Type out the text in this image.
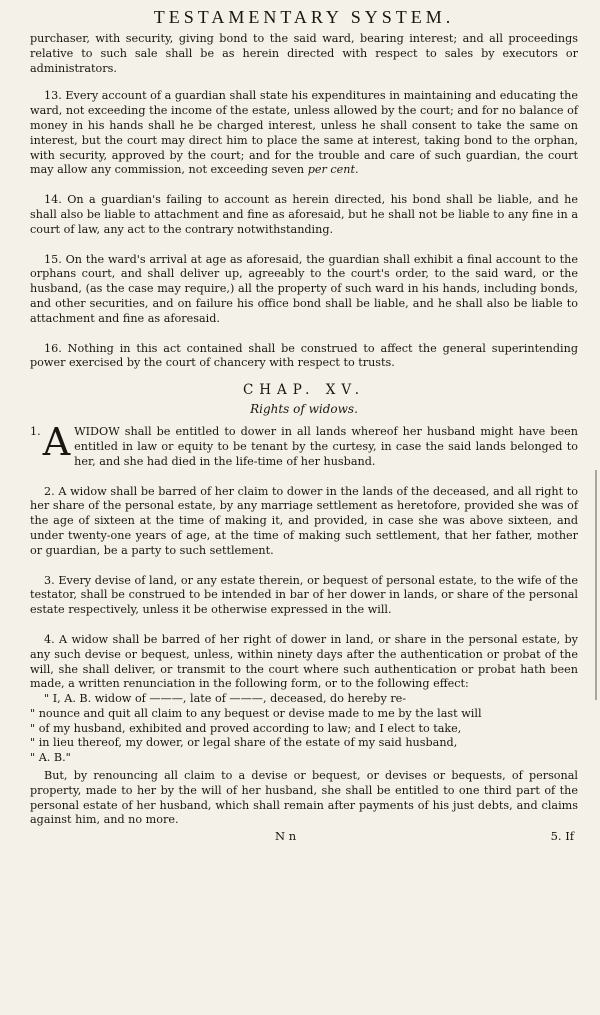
TESTAMENTARY SYSTEM.

purchaser, with security, giving bond to the said ward, bearing interest; and all proceedings relative to such sale shall be as herein directed with respect to sales by executors or administrators.

13. Every account of a guardian shall state his expenditures in maintaining and educating the ward, not exceeding the income of the estate, unless allowed by the court; and for no balance of money in his hands shall he be charged interest, unless he shall consent to take the same on interest, but the court may direct him to place the same at interest, taking bond to the orphan, with security, approved by the court; and for the trouble and care of such guardian, the court may allow any commission, not exceeding seven per cent.

14. On a guardian's failing to account as herein directed, his bond shall be liable, and he shall also be liable to attachment and fine as aforesaid, but he shall not be liable to any fine in a court of law, any act to the contrary notwithstanding.

15. On the ward's arrival at age as aforesaid, the guardian shall exhibit a final account to the orphans court, and shall deliver up, agreeably to the court's order, to the said ward, or the husband, (as the case may require,) all the property of such ward in his hands, including bonds, and other securities, and on failure his office bond shall be liable, and he shall also be liable to attachment and fine as aforesaid.

16. Nothing in this act contained shall be construed to affect the general superintending power exercised by the court of chancery with respect to trusts.

CHAP. XV.
Rights of widows.

1. A WIDOW shall be entitled to dower in all lands whereof her husband might have been entitled in law or equity to be tenant by the curtesy, in case the said lands belonged to her, and she had died in the life-time of her husband.

2. A widow shall be barred of her claim to dower in the lands of the deceased, and all right to her share of the personal estate, by any marriage settlement as heretofore, provided she was of the age of sixteen at the time of making it, and provided, in case she was above sixteen, and under twenty-one years of age, at the time of making such settlement, that her father, mother or guardian, be a party to such settlement.

3. Every devise of land, or any estate therein, or bequest of personal estate, to the wife of the testator, shall be construed to be intended in bar of her dower in lands, or share of the personal estate respectively, unless it be otherwise expressed in the will.

4. A widow shall be barred of her right of dower in land, or share in the personal estate, by any such devise or bequest, unless, within ninety days after the authentication or probat of the will, she shall deliver, or transmit to the court where such authentication or probat hath been made, a written renunciation in the following form, or to the following effect:

" I, A. B. widow of ———, late of ———, deceased, do hereby re-

" nounce and quit all claim to any bequest or devise made to me by the last will

" of my husband, exhibited and proved according to law; and I elect to take,

" in lieu thereof, my dower, or legal share of the estate of my said husband,

" A. B."

But, by renouncing all claim to a devise or bequest, or devises or bequests, of personal property, made to her by the will of her husband, she shall be entitled to one third part of the personal estate of her husband, which shall remain after payments of his just debts, and claims against him, and no more.

N n	5. If
